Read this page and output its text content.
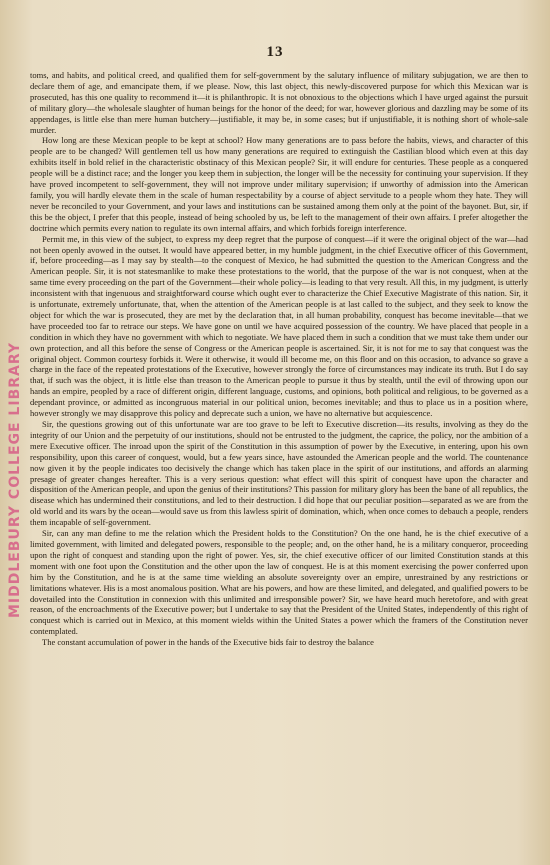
13
MIDDLEBURY COLLEGE LIBRARY

toms, and habits, and political creed, and qualified them for self-government by the salutary influence of military subjugation, we are then to declare them of age, and emancipate them, if we please. Now, this last object, this newly-discovered purpose for which this Mexican war is prosecuted, has this one quality to recommend it—it is philanthropic. It is not obnoxious to the objections which I have urged against the pursuit of military glory—the wholesale slaughter of human beings for the honor of the deed; for war, however glorious and dazzling may be some of its appendages, is little else than mere human butchery—justifiable, it may be, in some cases; but if unjustifiable, it is nothing short of whole-sale murder.

How long are these Mexican people to be kept at school? How many generations are to pass before the habits, views, and character of this people are to be changed? Will gentlemen tell us how many generations are required to extinguish the Castilian blood which even at this day exhibits itself in bold relief in the characteristic obstinacy of this Mexican people? Sir, it will endure for centuries. These people as a conquered people will be a distinct race; and the longer you keep them in subjection, the longer will be the necessity for continuing your supervision. If they have proved incompetent to self-government, they will not improve under military supervision; if unworthy of admission into the American family, you will hardly elevate them in the scale of human respectability by a course of abject servitude to a people whom they hate. They will never be reconciled to your Government, and your laws and institutions can be sustained among them only at the point of the bayonet. But, sir, if this be the object, I prefer that this people, instead of being schooled by us, be left to the management of their own affairs. I prefer altogether the doctrine which permits every nation to regulate its own internal affairs, and which forbids foreign interference.

Permit me, in this view of the subject, to express my deep regret that the purpose of conquest—if it were the original object of the war—had not been openly avowed in the outset. It would have appeared better, in my humble judgment, in the chief Executive officer of this Government, if, before proceeding—as I may say by stealth—to the conquest of Mexico, he had submitted the question to the American Congress and the American people. Sir, it is not statesmanlike to make these protestations to the world, that the purpose of the war is not conquest, when at the same time every proceeding on the part of the Government—their whole policy—is leading to that very result. All this, in my judgment, is utterly inconsistent with that ingenuous and straightforward course which ought ever to characterize the Chief Executive Magistrate of this nation. Sir, it is unfortunate, extremely unfortunate, that, when the attention of the American people is at last called to the subject, and they seek to know the object for which the war is prosecuted, they are met by the declaration that, in all human probability, conquest has become inevitable—that we have proceeded too far to retrace our steps. We have gone on until we have acquired possession of the country. We have placed that people in a condition in which they have no government with which to negotiate. We have placed them in such a condition that we must take them under our own protection, and all this before the sense of Congress or the American people is ascertained. Sir, it is not for me to say that conquest was the original object. Common courtesy forbids it. Were it otherwise, it would ill become me, on this floor and on this occasion, to advance so grave a charge in the face of the repeated protestations of the Executive, however strongly the force of circumstances may indicate its truth. But I do say that, if such was the object, it is little else than treason to the American people to pursue it thus by stealth, until the evil of throwing upon our hands an empire, peopled by a race of different origin, different language, customs, and opinions, both political and religious, to be governed as a dependant province, or admitted as incongruous material in our political union, becomes inevitable; and thus to place us in a position where, however strongly we may disapprove this policy and deprecate such a union, we have no alternative but acquiescence.

Sir, the questions growing out of this unfortunate war are too grave to be left to Executive discretion—its results, involving as they do the integrity of our Union and the perpetuity of our institutions, should not be entrusted to the judgment, the caprice, the policy, nor the ambition of a mere Executive officer. The inroad upon the spirit of the Constitution in this assumption of power by the Executive, in entering, upon his own responsibility, upon this career of conquest, would, but a few years since, have astounded the American people and the world. The countenance now given it by the people indicates too decisively the change which has taken place in the spirit of our institutions, and affords an alarming presage of greater changes hereafter. This is a very serious question: what effect will this spirit of conquest have upon the character and disposition of the American people, and upon the genius of their institutions? This passion for military glory has been the bane of all republics, the disease which has undermined their constitutions, and led to their destruction. I did hope that our peculiar position—separated as we are from the old world and its wars by the ocean—would save us from this lawless spirit of domination, which, when once comes to debauch a people, renders them incapable of self-government.

Sir, can any man define to me the relation which the President holds to the Constitution? On the one hand, he is the chief executive of a limited government, with limited and delegated powers, responsible to the people; and, on the other hand, he is a military conqueror, proceeding upon the right of conquest and standing upon the right of power. Yes, sir, the chief executive officer of our limited Constitution stands at this moment with one foot upon the Constitution and the other upon the law of conquest. He is at this moment exercising the power conferred upon him by the Constitution, and he is at the same time wielding an absolute sovereignty over an empire, unrestrained by any restrictions or limitations whatever. His is a most anomalous position. What are his powers, and how are these limited, and delegated, and qualified powers to be dovetailed into the Constitution in connexion with this unlimited and irresponsible power? Sir, we have heard much heretofore, and with great reason, of the encroachments of the Executive power; but I undertake to say that the President of the United States, independently of this right of conquest which is carried out in Mexico, at this moment wields within the United States a power which the framers of the Constitution never contemplated.

The constant accumulation of power in the hands of the Executive bids fair to destroy the balance
